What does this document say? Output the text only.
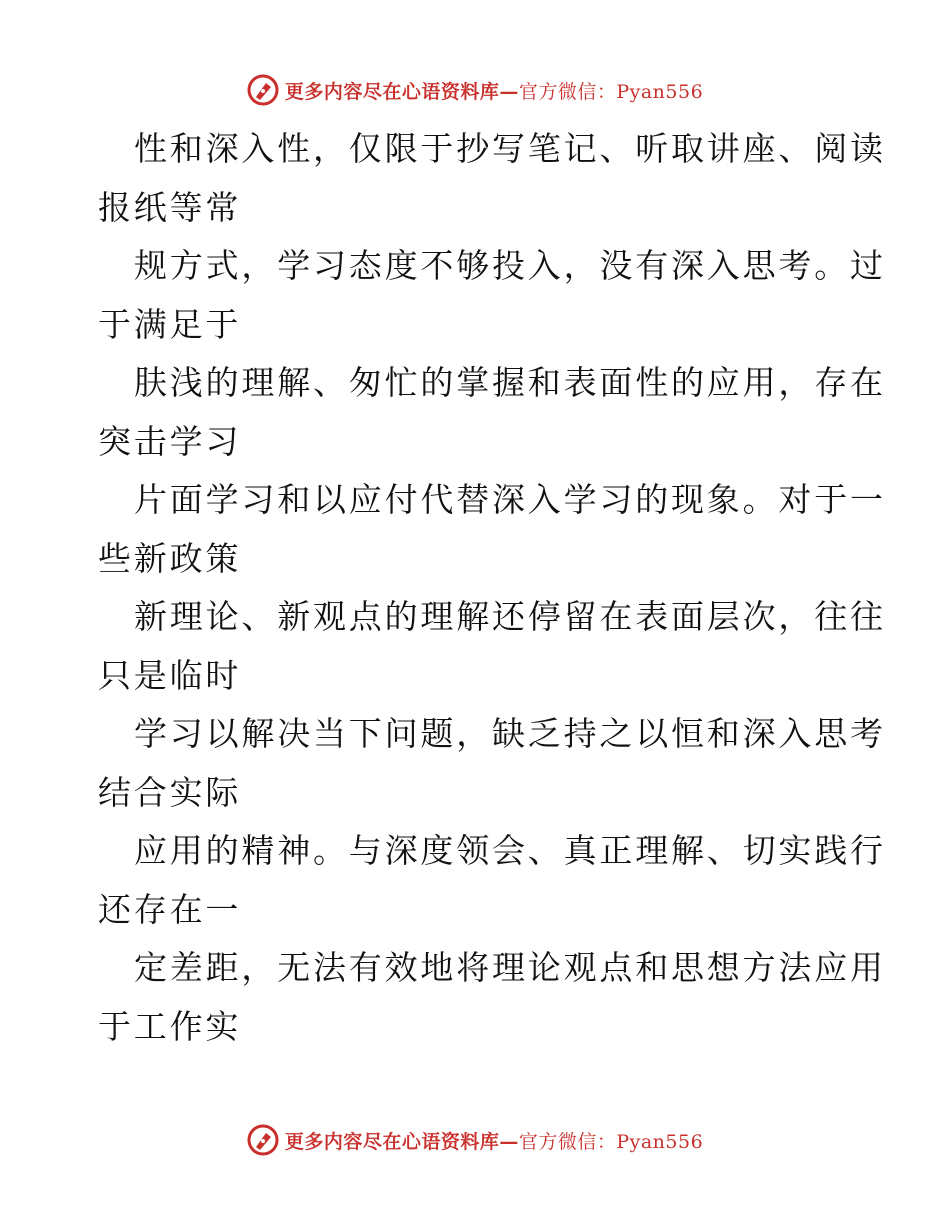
更多内容尽在心语资料库—官方微信：Pyan556
性和深入性，仅限于抄写笔记、听取讲座、阅读
报纸等常
规方式，学习态度不够投入，没有深入思考。过
于满足于
肤浅的理解、匆忙的掌握和表面性的应用，存在
突击学习
片面学习和以应付代替深入学习的现象。对于一
些新政策
新理论、新观点的理解还停留在表面层次，往往
只是临时
学习以解决当下问题，缺乏持之以恒和深入思考
结合实际
应用的精神。与深度领会、真正理解、切实践行
还存在一
定差距，无法有效地将理论观点和思想方法应用
于工作实
更多内容尽在心语资料库—官方微信：Pyan556
